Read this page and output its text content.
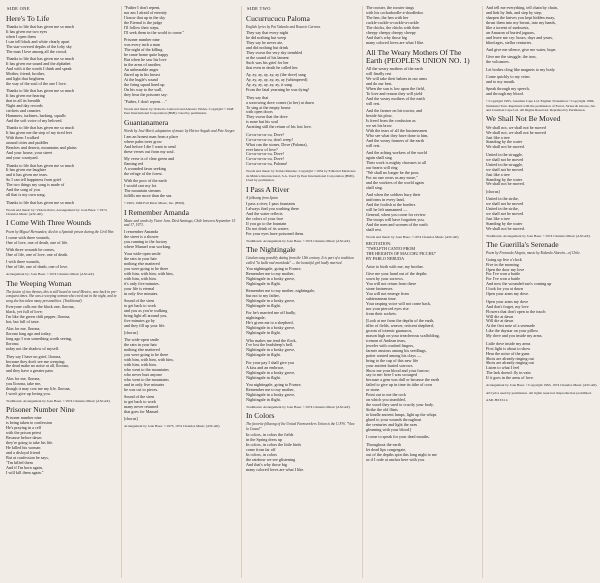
SIDE ONE
Here's To Life
Thanks to life that has given me so much
It has given me two eyes
when I open them
I can tell black and white clearly apart
The star-covered depths of the lofty sky
The man I love among all the crowd.
Thanks to life that has given me so much
It has given me sound and the alphabet
And with it the words I think and speak
Mother, friend, brother,
and light that brightens
the way of the soul of the one I love.
Thanks to life that has given me so much
It has given me hearing
that in all its breadth
Night and day records
crickets and canaries
Hammers, turbines, barking, squalls
And the soft voice of my beloved.
Thanks to life that has given me so much
It has given me the step of my tired feet
With them I walked
around cities and puddles
Beaches and deserts, mountains and plains
And your house, your street
and your courtyard.
Thanks to life that has given me so much
It has given me laughter
and it has given me tears.
So I can tell happiness from grief
The two things my song is made of
And the song of you
all that is my own song.
Thanks to life that has given me so much
Words and music by: Violeta Parra. Arrangement by: Joan Baez. ©1974 Chandos Music (ASCAP).
I Come With Three Wounds
Poem by Miguel Hernandez; died in a Spanish prison during the Civil War.
I come with three wounds,
One of love, one of death, one of life.
With three wounds he comes,
One of life, one of love, one of death.
I with three wounds,
One of life, one of death, one of love.
Arrangement by: Joan Baez. ©1974 Chandos Music (ASCAP).
The Weeping Woman
The fusion of two themes, this is still heard in rural Mexico, now back in pre-conquest times. She was a weeping woman who cried out in the night, and in song she has taken many personalities. (Traditional).
Everyone calls me the black one, llorona,
black, yet full of love;
I'm like the green chili pepper, llorona,
hot, but full of taste.
Alas for me, llorona,
llorona long ago and today;
long ago I was something worth seeing,
llorona;
today not the shadow of myself.
They say I have no grief, llorona,
because they don't see me weeping;
the dead make no noise at all, llorona,
and they have a greater pain.
Alas for me, llorona,
you llorona, take me,
though it may cost me my life, llorona,
I won't give up loving you.
Traditional. Arrangement by Joan Baez. ©1974 Chandos Music (ASCAP).
Prisoner Number Nine
Prisoner number nine
is being taken to confession
He's praying in a cell
with the prison priest
Because before dawn
they're going to take his life.
He killed his woman
and a disloyal friend
But at confession he says,
"I'm killed them
And if I'm born again,
I will kill them again."
"Father I don't repent,
nor am I afraid of eternity
I know that up in the sky
the Eternal is the judge
I'll follow their steps,
I'll seek them in the world to come."
Prisoner number nine
was every inch a man
The night of the killing
he came home quite happy
But when he saw his love
in the arms of another,
An unbearable anger
flared up in his breast
At the bugle's sound
the firing squad lined up
On his way to the wall,
they hear the prisoner say:
"Father, I don't repent. . ."
Words and music by: Roberto Cantoral and Antonio Valdes. Copyright ©1948 Peer International Corporation (BMI). Used by permission.
Guantanamera
Words by José Martí, adaptation of music by Héctor Angulo and Pete Seeger.
I am an honest man from a place
where palm trees grow
And before I die I want to send
these verses out from my soul.
My verse is of clear green and
flaming red
A wounded fawn seeking
the refuge of the forest.
With the poor of the earth
I would cast my lot.
The mountain streams
fulfills me more than the sea.
©1963, 1966 Fall River Music, Inc. (BMI).
I Remember Amanda
Music and words by Victor Jara. Died Santiago, Chile between September 15 and 17, 1973.
I remember Amanda
the street is a shower
you running to the factory
where Manuel was working.
Your wide-open smile
the rain in your hair
nothing else mattered
you were going to be there
with him, with him, with him,
with him, with him.
it's only five minutes.
your life is eternal
in only five minutes.
Sound of the siren
to get back to work
and you as you're walking
bring light all around you,
five minutes go by
and they fill up your life.
[chorus]
The wide-open smile
the rain in your hair
nothing else mattered
you were going to be there
with him, with him, with him,
with him, with him.
who went to the mountains
who never hurt anyone
who went to the mountains
and in only five minutes
he was cut to pieces.
Sound of the siren
to get back to work
many never returned
that goes for Manuel.
[chorus]
Arrangement by Joan Baez. ©1973, 1974 Chandos Music (ASCAP).
SIDE TWO
Cucurrucucu Paloma
English lyrics by Pat Valando and Rosario Carrara.
They say that every night
he did nothing but weep
They say he never ate,
and did nothing but drink
They swear the very sky trembled
at the sound of his lament
Such was his grief for her
that even in death he called her.
Ay, ay, ay, ay, ay, ay (the dove) sang
Ay, ay, ay, ay, ay, ay, ay (whimpered)
Ay, ay, ay, ay, ay, ay, it sang
From the fatal yearning he was dying!
They say that
a sorrowing dove comes (to her) at dawn
To sing at the empty house
with open doors
They swear that the dove
is none but his soul
Awaiting still the return of his lost love.
Cu-cu-ru-cu-cu, Dove!
Cu-cu-ru-cu-cu, don't weep!
What can the stones, Dove (Paloma),
ever know of love?
Cu-cu-ru-cu-cu, Dove!
Cu-cu-ru-cu-cu, Dove!
Cu-cu-ru-cu-cu, Paloma!
Words and music by Tomas Mendez. Copyright ©1954 by Editorial Mexicana de Música Internacional, S.A. Used by Peer International Corporation (BMI). Used by permission.
I Pass A River
A folksong from Spain
I pass a river, I pass fountains
I always find you washing there
And the water reflects
the colors of your face
If you go to the fountain
Do not drink of its waters
For your eyes have poisoned them.
Traditional. Arrangement by Joan Baez. ©1974 Chandos Music (ASCAP).
The Nightingale
Catalan song possibly dating from the 15th century. It is part of a tradition called "la balla mal maridada" — the beautiful girl badly married.
You nightingale, going to France,
Remember me to my mother,
Nightingale in a bosky grove,
Nightingale in flight.
Remember me to my mother, nightingale,
but not to my father,
Nightingale in a bosky grove,
Nightingale in flight.
For he's married me off badly,
nightingale,
He's given me to a shepherd,
Nightingale in a bosky grove,
Nightingale in flight.
Who makes me tend the flock,
I've lost the leadsheep's bell,
Nightingale in a bosky grove,
Nightingale in flight.
For your pay I shall give you
A kiss and an embrace,
Nightingale in a bosky grove,
Nightingale in flight.
You nightingale, going to France,
Remember me to my mother,
Nightingale in a bosky grove,
Nightingale in flight.
Traditional. Arrangement by Joan Baez. ©1974 Chandos Music (ASCAP).
In Colors
The favorite folksong of the United Farmworkers Union is the U.F.W. "Viva la Causa!"
In colors, in colors the fields
in the Spring dress up
In colors, in colors the little birds
come from far off
In colors, in colors
the rainbow we see glistening
And that's why those big
many colored loves are what I like.
The rooster, the rooster sings
with his cockadoodle-a-doodledoo
The hen, the hen with her
cackle-cackle-a-cackle-a-cackle
The chicks, the chicks with their
cheepy cheepy cheepy cheepy
And that's why those big
many colored loves are what I like.
All The Weary Mothers Of The Earth (PEOPLE'S UNION NO. 1)
All the weary mothers of the earth
will finally rest
We will take their babies in our arms
and do our best.
When the sun is low upon the field,
To love and reason they will yield
And the weary mothers of the earth
will rest.
And the farmer on his tractor, and
beside his plow,
Is freed from the confusion as
we set his brow
With the tears of all the businessmen
Who see what they have done to him,
And the weary farmers of the earth
will rest.
And the aching workers of the world
again shall sing
Their work is mighty choruses to all
our hearts will ring
"We shall no longer be the poor,
For no one owns us any more,"
and the workers of the world again
shall sing.
And when the soldiers bury their
uniforms in every land,
And the foolish at the borders
will be left unmanned —
General, when you come for review
The troops will have forgotten you,
And the men and women of the earth
shall rest.
Words and music by Joan Baez. ©1974 Chandos Music (ASCAP).
RECITATION:
"TWELFTH CANTO FROM
THE HEIGHTS OF MACCHU PICCHU"
BY PABLO NERUDA
Arise to birth with me, my brother.
Give me your hand out of the depths
sown by your sorrows.
You will not return from these
stone fastnesses.
You will not emerge from
subterranean time.
Your rasping voice will not come back,
nor your pierced eyes rise
from their sockets.
[Look at me from the depths of the earth,
tiller of fields, weaver, reticent shepherd,
groom of totemic guanacos,
mason high on your treacherous scaffolding,
iceman of Andean tears,
jeweler with crushed fingers,
farmer anxious among his seedlings,
potter wasted among his clays —
bring to the cup of this new life
your ancient buried sorrows.
Show me your blood and your furrow;
say to me: here I was scourged
because a gem was dull or because the earth
failed to give up in time its tithe of corn
or stone.
Point out to me the rock
on which you stumbled,
the wood they used to crucify your body.
Strike the old flints
to kindle ancient lamps, light up the whips
glued to your wounds throughout
the centuries and light the axes
gleaming with your blood.]
I come to speak for your dead mouths.
Throughout the earth
let dead lips congregate,
out of the depths spin this long night to me
as if I rode at anchor here with you.
And tell me everything, tell chain by chain,
and link by link, and step by step;
sharpen the knives you kept hidden away,
thrust them into my breast, into my hands,
like a torrent of sunbursts,
an Amazon of buried jaguars,
and leave me cry: hours, days and years,
blind ages, stellar centuries.
And give me silence, give me water, hope.
Give me the struggle, the iron,
the volcanoes.
Let bodies cling like magnets to my body.
Come quickly to my veins
and to my mouth.
Speak through my speech,
and through my blood.
©Copyright 1965, Jonathan Cape Ltd. English Translation ©Copyright 1966, Nathaniel Tarn. Reprinted with the permission of Farrar, Straus & Giroux, Inc. and Jonathan Cape Ltd. All Rights Reserved. Reprinted by Permission.
We Shall Not Be Moved
We shall not, we shall not be moved
We shall not, we shall not be moved
Just like a tree
Standing by the water
We shall not be moved.
United in the struggle,
we shall not be moved
United in the struggle,
we shall not be moved
Just like a tree
Standing by the water
We shall not be moved.
[chorus]
United in the strike,
we shall not be moved
United in the strike,
we shall not be moved
Just like a tree
Standing by the water
We shall not be moved.
Traditional. Arrangement by Joan Baez. ©1974 Chandos Music (ASCAP).
The Guerilla's Serenade
Poem by Fernando Alegria, music by Rolando Alarcón—of Chile.
Going up five o'clock
Five in the morning
Open the door my love
For I've won a battle
For I've won a battle
And now the wounded sun's coming up
I look for you at dawn
Open your arms my dove.
Open your arms my dove
And don't forget, my love
Flowers that don't open to the touch
Will die at dawn
Will die at dawn
At the first note of a serenade
Like the daystar on your pillow
My dove and you inside my arms.
Little dove inside my arms
First light is about to show
Hear the noise of the guns
Shots are already ringing out
Shots are already ringing out
Listen to what I feel
The lark doesn't fly in vain
If it goes in the arms of love.
Arrangement by Joan Baez. ©Copyright 1963, 1974 Chandos Music (ASCAP).
All lyrics used by permission. All rights reserved. Reproduction prohibited.
AMLH63614
